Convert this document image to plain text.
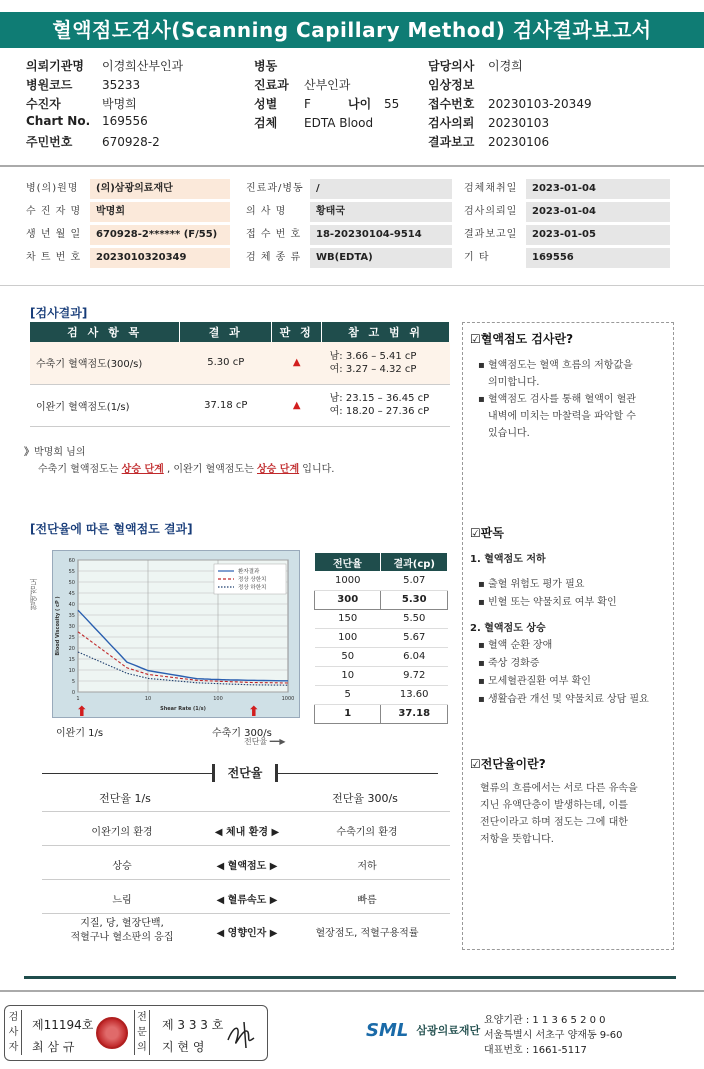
혈액점도검사(Scanning Capillary Method) 검사결과보고서
의뢰기관명 이경희산부인과
병원코드 35233
수진자	박명희
Chart No. 169556
주민번호 670928-2
병동
진료과 산부인과
성별 F	나이 55
검체 EDTA Blood
담당의사 이경희
임상정보
접수번호 20230103-20349
검사의뢰 20230103
결과보고 20230106
병(의)원명	(의)삼광의료재단
수 진 자 명	박명희
생 년 월 일	670928-2****** (F/55)
차 트 번 호	2023010320349
진료과/병동	/
의 사 명	황태국
접 수 번 호	18-20230104-9514
검 체 종 류	WB(EDTA)
검체채취일	2023-01-04
검사의뢰일	2023-01-04
결과보고일	2023-01-05
기 타	169556
[검사결과]
검 사 항 목	결 과	판 정	참 고 범 위
수축기 혈액점도(300/s)	5.30 cP	▲	남: 3.66 – 5.41 cP
여: 3.27 – 4.32 cP

이완기 혈액점도(1/s)	37.18 cP	▲	남: 23.15 – 36.45 cP
여: 18.20 – 27.36 cP
》박명희 님의
수축기 혈액점도는 상승 단계 , 이완기 혈액점도는 상승 단계 입니다.
[전단율에 따른 혈액점도 결과]
0
5
10
15
20
25
30
35
40
45
50
55
60
1	10	100	1000
Shear Rate (1/s)
Blood Viscosity ( cP )
환자결과
정상 상한치
정상 하한치
혈액점도
⬆	⬆
이완기 1/s	수축기 300/s
전단율 ━━▶
전단율	결과(cp)
1000	5.07
300	5.30
150	5.50
100	5.67
50	6.04
10	9.72
5	13.60
1	37.18
전단율
전단율 1/s	전단율 300/s
이완기의 환경	◀ 체내 환경 ▶	수축기의 환경
상승	◀ 혈액점도 ▶	저하
느림	◀ 혈류속도 ▶	빠름
지질, 당, 혈장단백,
적혈구나 혈소판의 응집	◀ 영향인자 ▶	혈장점도, 적혈구용적률
☑혈액점도 검사란?
▪ 혈액점도는 혈액 흐름의 저항값을
의미합니다.
▪ 혈액점도 검사를 통해 혈액이 혈관
내벽에 미치는 마찰력을 파악할 수
있습니다.
☑판독
1. 혈액점도 저하
▪ 출혈 위험도 평가 필요
▪ 빈혈 또는 약물치료 여부 확인
2. 혈액점도 상승
▪ 혈액 순환 장애
▪ 죽상 경화증
▪ 모세혈관질환 여부 확인
▪ 생활습관 개선 및 약물치료 상담 필요
☑전단율이란?
혈류의 흐름에서는 서로 다른 유속을
지닌 유액단층이 발생하는데, 이를
전단이라고 하며 점도는 그에 대한
저항을 뜻합니다.
검
사
자
제11194호
최 삼 규
전
문
의
제 3 3 3 호
지 현 영
SML 삼광의료재단
요양기관 : 1 1 3 6 5 2 0 0
서울특별시 서초구 양재동 9-60
대표번호 : 1661-5117
